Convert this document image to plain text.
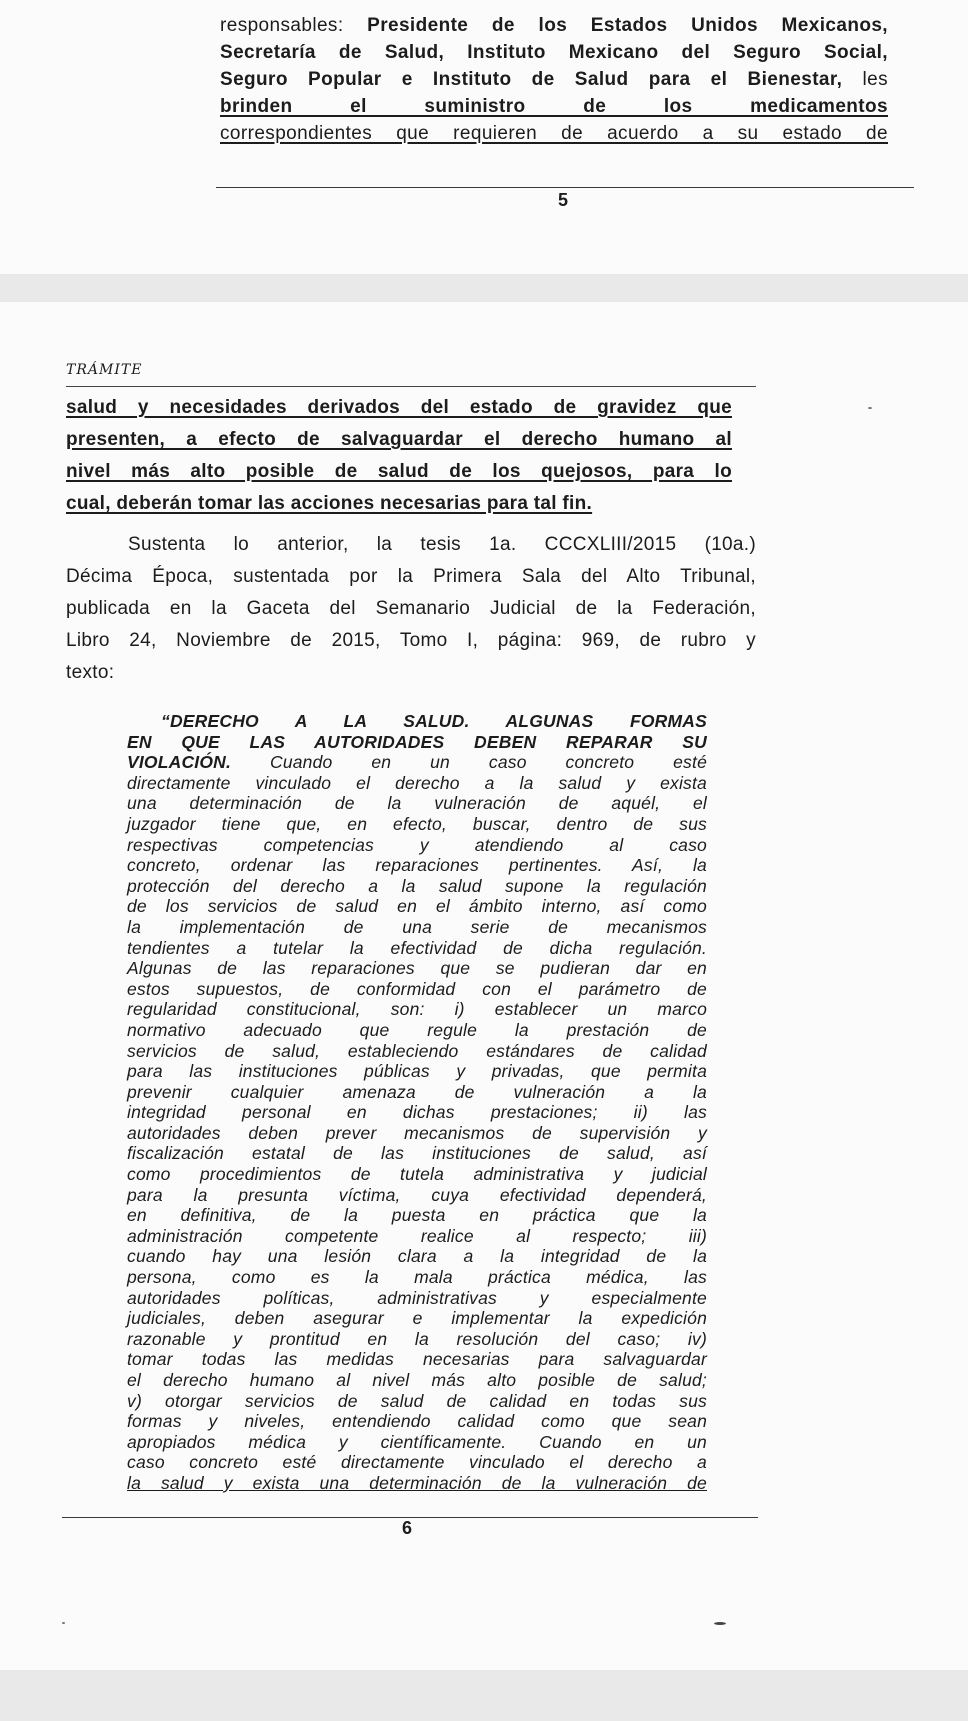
responsables: Presidente de los Estados Unidos Mexicanos,
Secretaría de Salud, Instituto Mexicano del Seguro Social,
Seguro Popular e Instituto de Salud para el Bienestar, les
brinden el suministro de los medicamentos
correspondientes que requieren de acuerdo a su estado de
5
TRÁMITE
salud y necesidades derivados del estado de gravidez que
presenten, a efecto de salvaguardar el derecho humano al
nivel más alto posible de salud de los quejosos, para lo
cual, deberán tomar las acciones necesarias para tal fin.
Sustenta lo anterior, la tesis 1a. CCCXLIII/2015 (10a.)
Décima Época, sustentada por la Primera Sala del Alto Tribunal,
publicada en la Gaceta del Semanario Judicial de la Federación,
Libro 24, Noviembre de 2015, Tomo I, página: 969, de rubro y
texto:
“DERECHO A LA SALUD. ALGUNAS FORMAS
EN QUE LAS AUTORIDADES DEBEN REPARAR SU
VIOLACIÓN. Cuando en un caso concreto esté
directamente vinculado el derecho a la salud y exista
una determinación de la vulneración de aquél, el
juzgador tiene que, en efecto, buscar, dentro de sus
respectivas competencias y atendiendo al caso
concreto, ordenar las reparaciones pertinentes. Así, la
protección del derecho a la salud supone la regulación
de los servicios de salud en el ámbito interno, así como
la implementación de una serie de mecanismos
tendientes a tutelar la efectividad de dicha regulación.
Algunas de las reparaciones que se pudieran dar en
estos supuestos, de conformidad con el parámetro de
regularidad constitucional, son: i) establecer un marco
normativo adecuado que regule la prestación de
servicios de salud, estableciendo estándares de calidad
para las instituciones públicas y privadas, que permita
prevenir cualquier amenaza de vulneración a la
integridad personal en dichas prestaciones; ii) las
autoridades deben prever mecanismos de supervisión y
fiscalización estatal de las instituciones de salud, así
como procedimientos de tutela administrativa y judicial
para la presunta víctima, cuya efectividad dependerá,
en definitiva, de la puesta en práctica que la
administración competente realice al respecto; iii)
cuando hay una lesión clara a la integridad de la
persona, como es la mala práctica médica, las
autoridades políticas, administrativas y especialmente
judiciales, deben asegurar e implementar la expedición
razonable y prontitud en la resolución del caso; iv)
tomar todas las medidas necesarias para salvaguardar
el derecho humano al nivel más alto posible de salud;
v) otorgar servicios de salud de calidad en todas sus
formas y niveles, entendiendo calidad como que sean
apropiados médica y científicamente. Cuando en un
caso concreto esté directamente vinculado el derecho a
la salud y exista una determinación de la vulneración de
6
